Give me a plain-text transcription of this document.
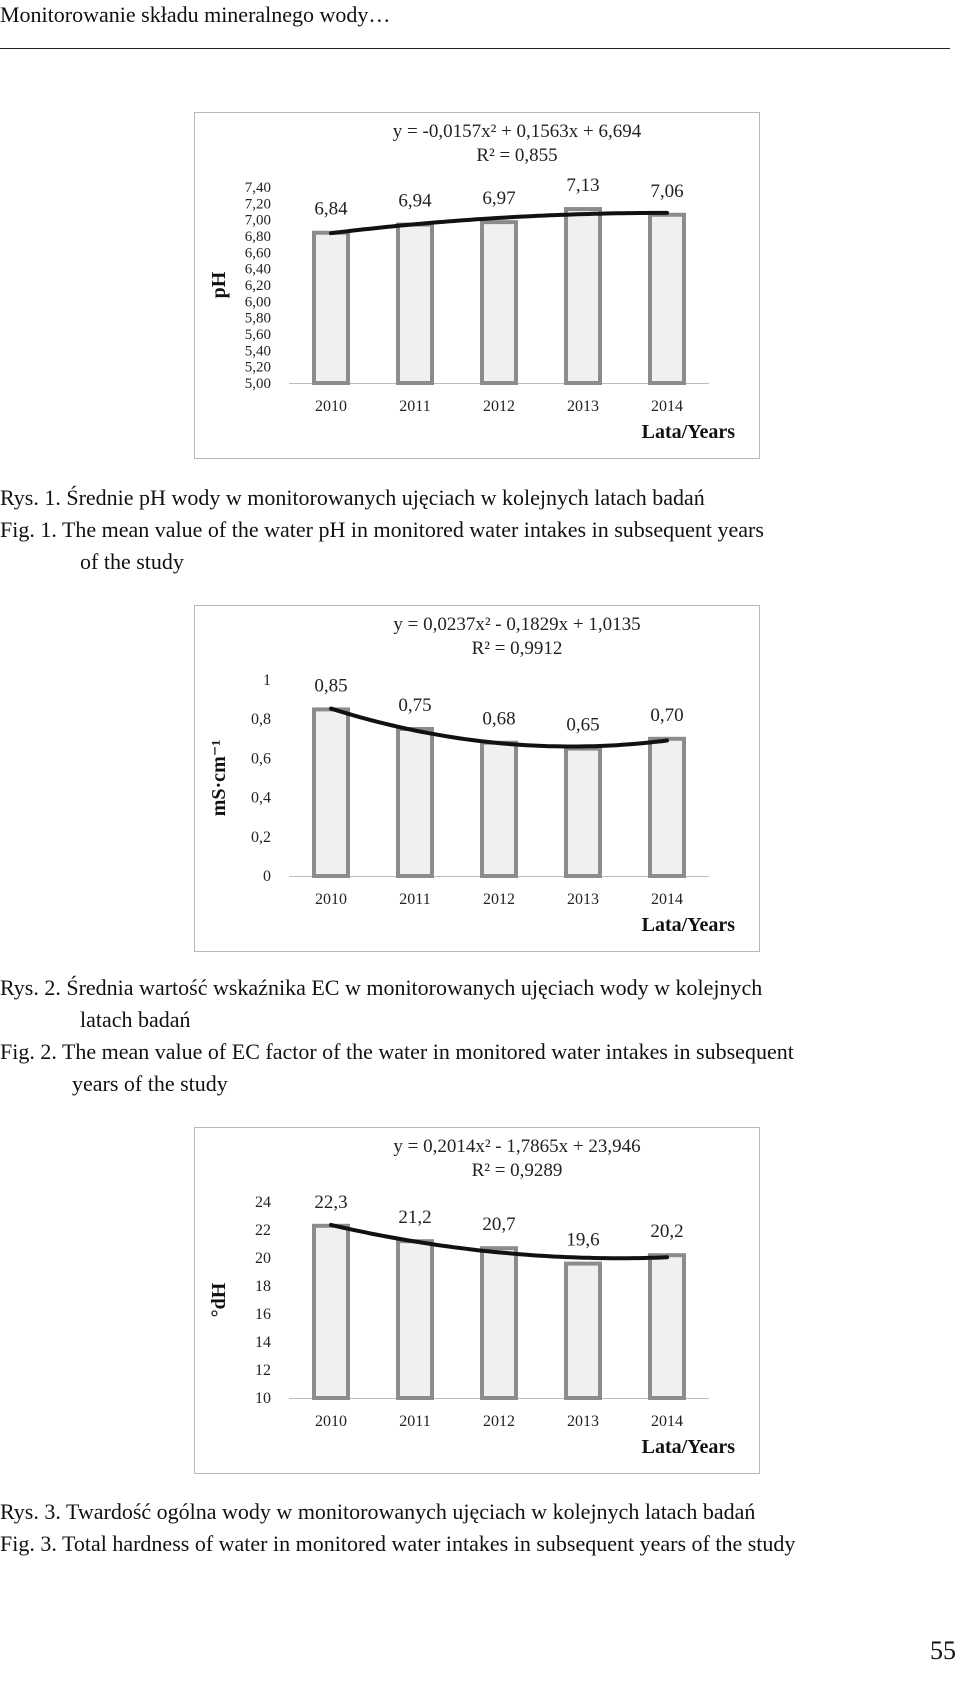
Monitorowanie składu mineralnego wody…
5,00
5,20
5,40
5,60
5,80
6,00
6,20
6,40
6,60
6,80
7,00
7,20
7,40
pH
6,84
2010
6,94
2011
6,97
2012
7,13
2013
7,06
2014
y = -0,0157x² + 0,1563x + 6,694
R² = 0,855
Lata/Years
Rys. 1. Średnie pH wody w monitorowanych ujęciach w kolejnych latach badań
Fig. 1. The mean value of the water pH in monitored water intakes in subsequent years
of the study
0
0,2
0,4
0,6
0,8
1
mS·cm⁻¹
0,85
2010
0,75
2011
0,68
2012
0,65
2013
0,70
2014
y = 0,0237x² - 0,1829x + 1,0135
R² = 0,9912
Lata/Years
Rys. 2. Średnia wartość wskaźnika EC w monitorowanych ujęciach wody w kolejnych
latach badań
Fig. 2. The mean value of EC factor of the water in monitored water intakes in subsequent
years of the study
10
12
14
16
18
20
22
24
°dH
22,3
2010
21,2
2011
20,7
2012
19,6
2013
20,2
2014
y = 0,2014x² - 1,7865x + 23,946
R² = 0,9289
Lata/Years
Rys. 3. Twardość ogólna wody w monitorowanych ujęciach w kolejnych latach badań
Fig. 3. Total hardness of water in monitored water intakes in subsequent years of the study
55
